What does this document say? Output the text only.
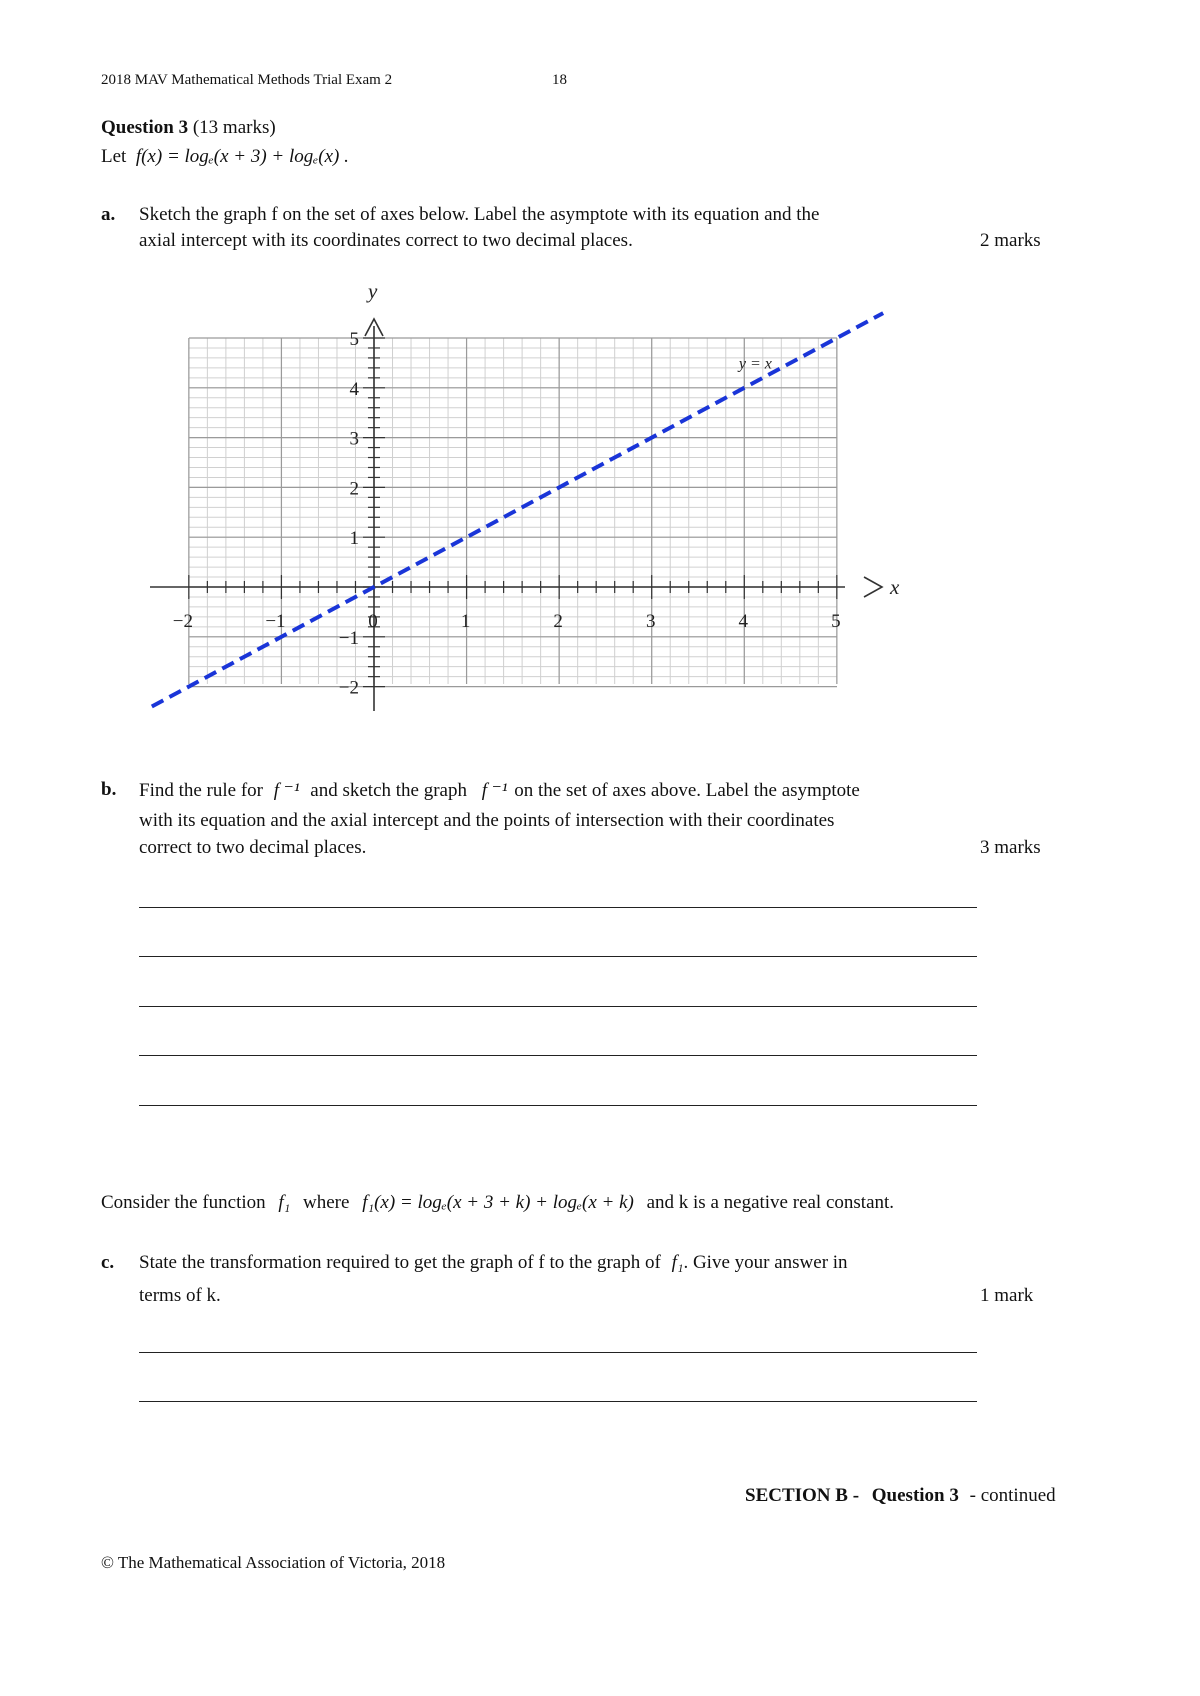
2018 MAV Mathematical Methods Trial Exam 2	18
Question 3 (13 marks)
Let f(x) = logₑ(x + 3) + logₑ(x) .
a. Sketch the graph f on the set of axes below. Label the asymptote with its equation and the
axial intercept with its coordinates correct to two decimal places.	2 marks
−2	−1	0	1	2	3	4	5
−2
−1
1
2
3
4
5
x
y
y = x
b. Find the rule for f ⁻¹ and sketch the graph f ⁻¹ on the set of axes above. Label the asymptote
with its equation and the axial intercept and the points of intersection with their coordinates
correct to two decimal places.	3 marks
Consider the function f₁ where f₁(x) = logₑ(x + 3 + k) + logₑ(x + k) and k is a negative real constant.
c. State the transformation required to get the graph of f to the graph of f₁. Give your answer in
terms of k.	1 mark
SECTION B - Question 3 - continued
© The Mathematical Association of Victoria, 2018
